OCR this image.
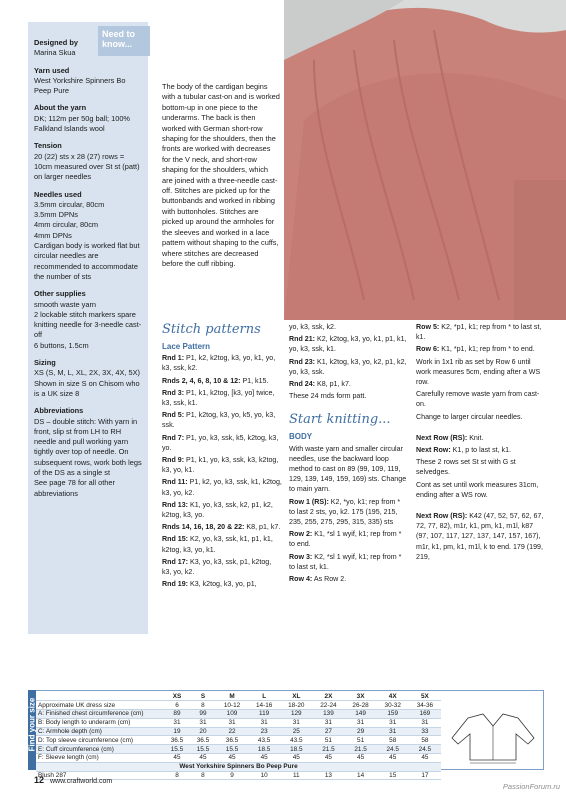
Designed by
Marina Skua
Yarn used
West Yorkshire Spinners Bo Peep Pure
About the yarn
DK; 112m per 50g ball; 100% Falkland Islands wool
Tension
20 (22) sts x 28 (27) rows = 10cm measured over St st (patt) on larger needles
Needles used
3.5mm circular, 80cm
3.5mm DPNs
4mm circular, 80cm
4mm DPNs
Cardigan body is worked flat but circular needles are recommended to accommodate the number of sts
Other supplies
smooth waste yarn
2 lockable stitch markers spare knitting needle for 3-needle cast-off
6 buttons, 1.5cm
Sizing
XS (S, M, L, XL, 2X, 3X, 4X, 5X)
Shown in size S on Chisom who is a UK size 8
Abbreviations
DS – double stitch: With yarn in front, slip st from LH to RH needle and pull working yarn tightly over top of needle. On subsequent rows, work both legs of the DS as a single st
See page 78 for all other abbreviations
Need to know...
The body of the cardigan begins with a tubular cast-on and is worked bottom-up in one piece to the underarms. The back is then worked with German short-row shaping for the shoulders, then the fronts are worked with decreases for the V neck, and short-row shaping for the shoulders, which are joined with a three-needle cast-off. Stitches are picked up for the buttonbands and worked in ribbing with buttonholes. Stitches are picked up around the armholes for the sleeves and worked in a lace pattern without shaping to the cuffs, where stitches are decreased before the cuff ribbing.
Stitch patterns
Lace Pattern
Rnd 1: P1, k2, k2tog, k3, yo, k1, yo, k3, ssk, k2.
Rnds 2, 4, 6, 8, 10 & 12: P1, k15.
Rnd 3: P1, k1, k2tog, [k3, yo] twice, k3, ssk, k1.
Rnd 5: P1, k2tog, k3, yo, k5, yo, k3, ssk.
Rnd 7: P1, yo, k3, ssk, k5, k2tog, k3, yo.
Rnd 9: P1, k1, yo, k3, ssk, k3, k2tog, k3, yo, k1.
Rnd 11: P1, k2, yo, k3, ssk, k1, k2tog, k3, yo, k2.
Rnd 13: K1, yo, k3, ssk, k2, p1, k2, k2tog, k3, yo.
Rnds 14, 16, 18, 20 & 22: K8, p1, k7.
Rnd 15: K2, yo, k3, ssk, k1, p1, k1, k2tog, k3, yo, k1.
Rnd 17: K3, yo, k3, ssk, p1, k2tog, k3, yo, k2.
Rnd 19: K3, k2tog, k3, yo, p1,
yo, k3, ssk, k2.
Rnd 21: K2, k2tog, k3, yo, k1, p1, k1, yo, k3, ssk, k1.
Rnd 23: K1, k2tog, k3, yo, k2, p1, k2, yo, k3, ssk.
Rnd 24: K8, p1, k7.
These 24 rnds form patt.
Start knitting...
BODY
With waste yarn and smaller circular needles, use the backward loop method to cast on 89 (99, 109, 119, 129, 139, 149, 159, 169) sts. Change to main yarn.
Row 1 (RS): K2, *yo, k1; rep from * to last 2 sts, yo, k2. 175 (195, 215, 235, 255, 275, 295, 315, 335) sts
Row 2: K1, *sl 1 wyif, k1; rep from * to end.
Row 3: K2, *sl 1 wyif, k1; rep from * to last st, k1.
Row 4: As Row 2.
Row 5: K2, *p1, k1; rep from * to last st, k1.
Row 6: K1, *p1, k1; rep from * to end.
Work in 1x1 rib as set by Row 6 until work measures 5cm, ending after a WS row.
Carefully remove waste yarn from cast-on.
Change to larger circular needles.
Next Row (RS): Knit.
Next Row: K1, p to last st, k1.
These 2 rows set St st with G st selvedges.
Cont as set until work measures 31cm, ending after a WS row.
Next Row (RS): K42 (47, 52, 57, 62, 67, 72, 77, 82), m1r, k1, pm, k1, m1l, k87 (97, 107, 117, 127, 137, 147, 157, 167), m1r, k1, pm, k1, m1l, k to end. 179 (199, 219,
Find your size
	XS	S	M	L	XL	2X	3X	4X	5X
Approximate UK dress size	6	8	10-12	14-16	18-20	22-24	26-28	30-32	34-36
A: Finished chest circumference (cm)	89	99	109	119	129	139	149	159	169
B: Body length to underarm (cm)	31	31	31	31	31	31	31	31	31
C: Armhole depth (cm)	19	20	22	23	25	27	29	31	33
D: Top sleeve circumference (cm)	36.5	36.5	36.5	43.5	43.5	51	51	58	58
E: Cuff circumference (cm)	15.5	15.5	15.5	18.5	18.5	21.5	21.5	24.5	24.5
F: Sleeve length (cm)	45	45	45	45	45	45	45	45	45
West Yorkshire Spinners Bo Peep Pure									
Blush 287	8	8	9	10	11	13	14	15	17
12 www.craftworld.com
PassionForum.ru
